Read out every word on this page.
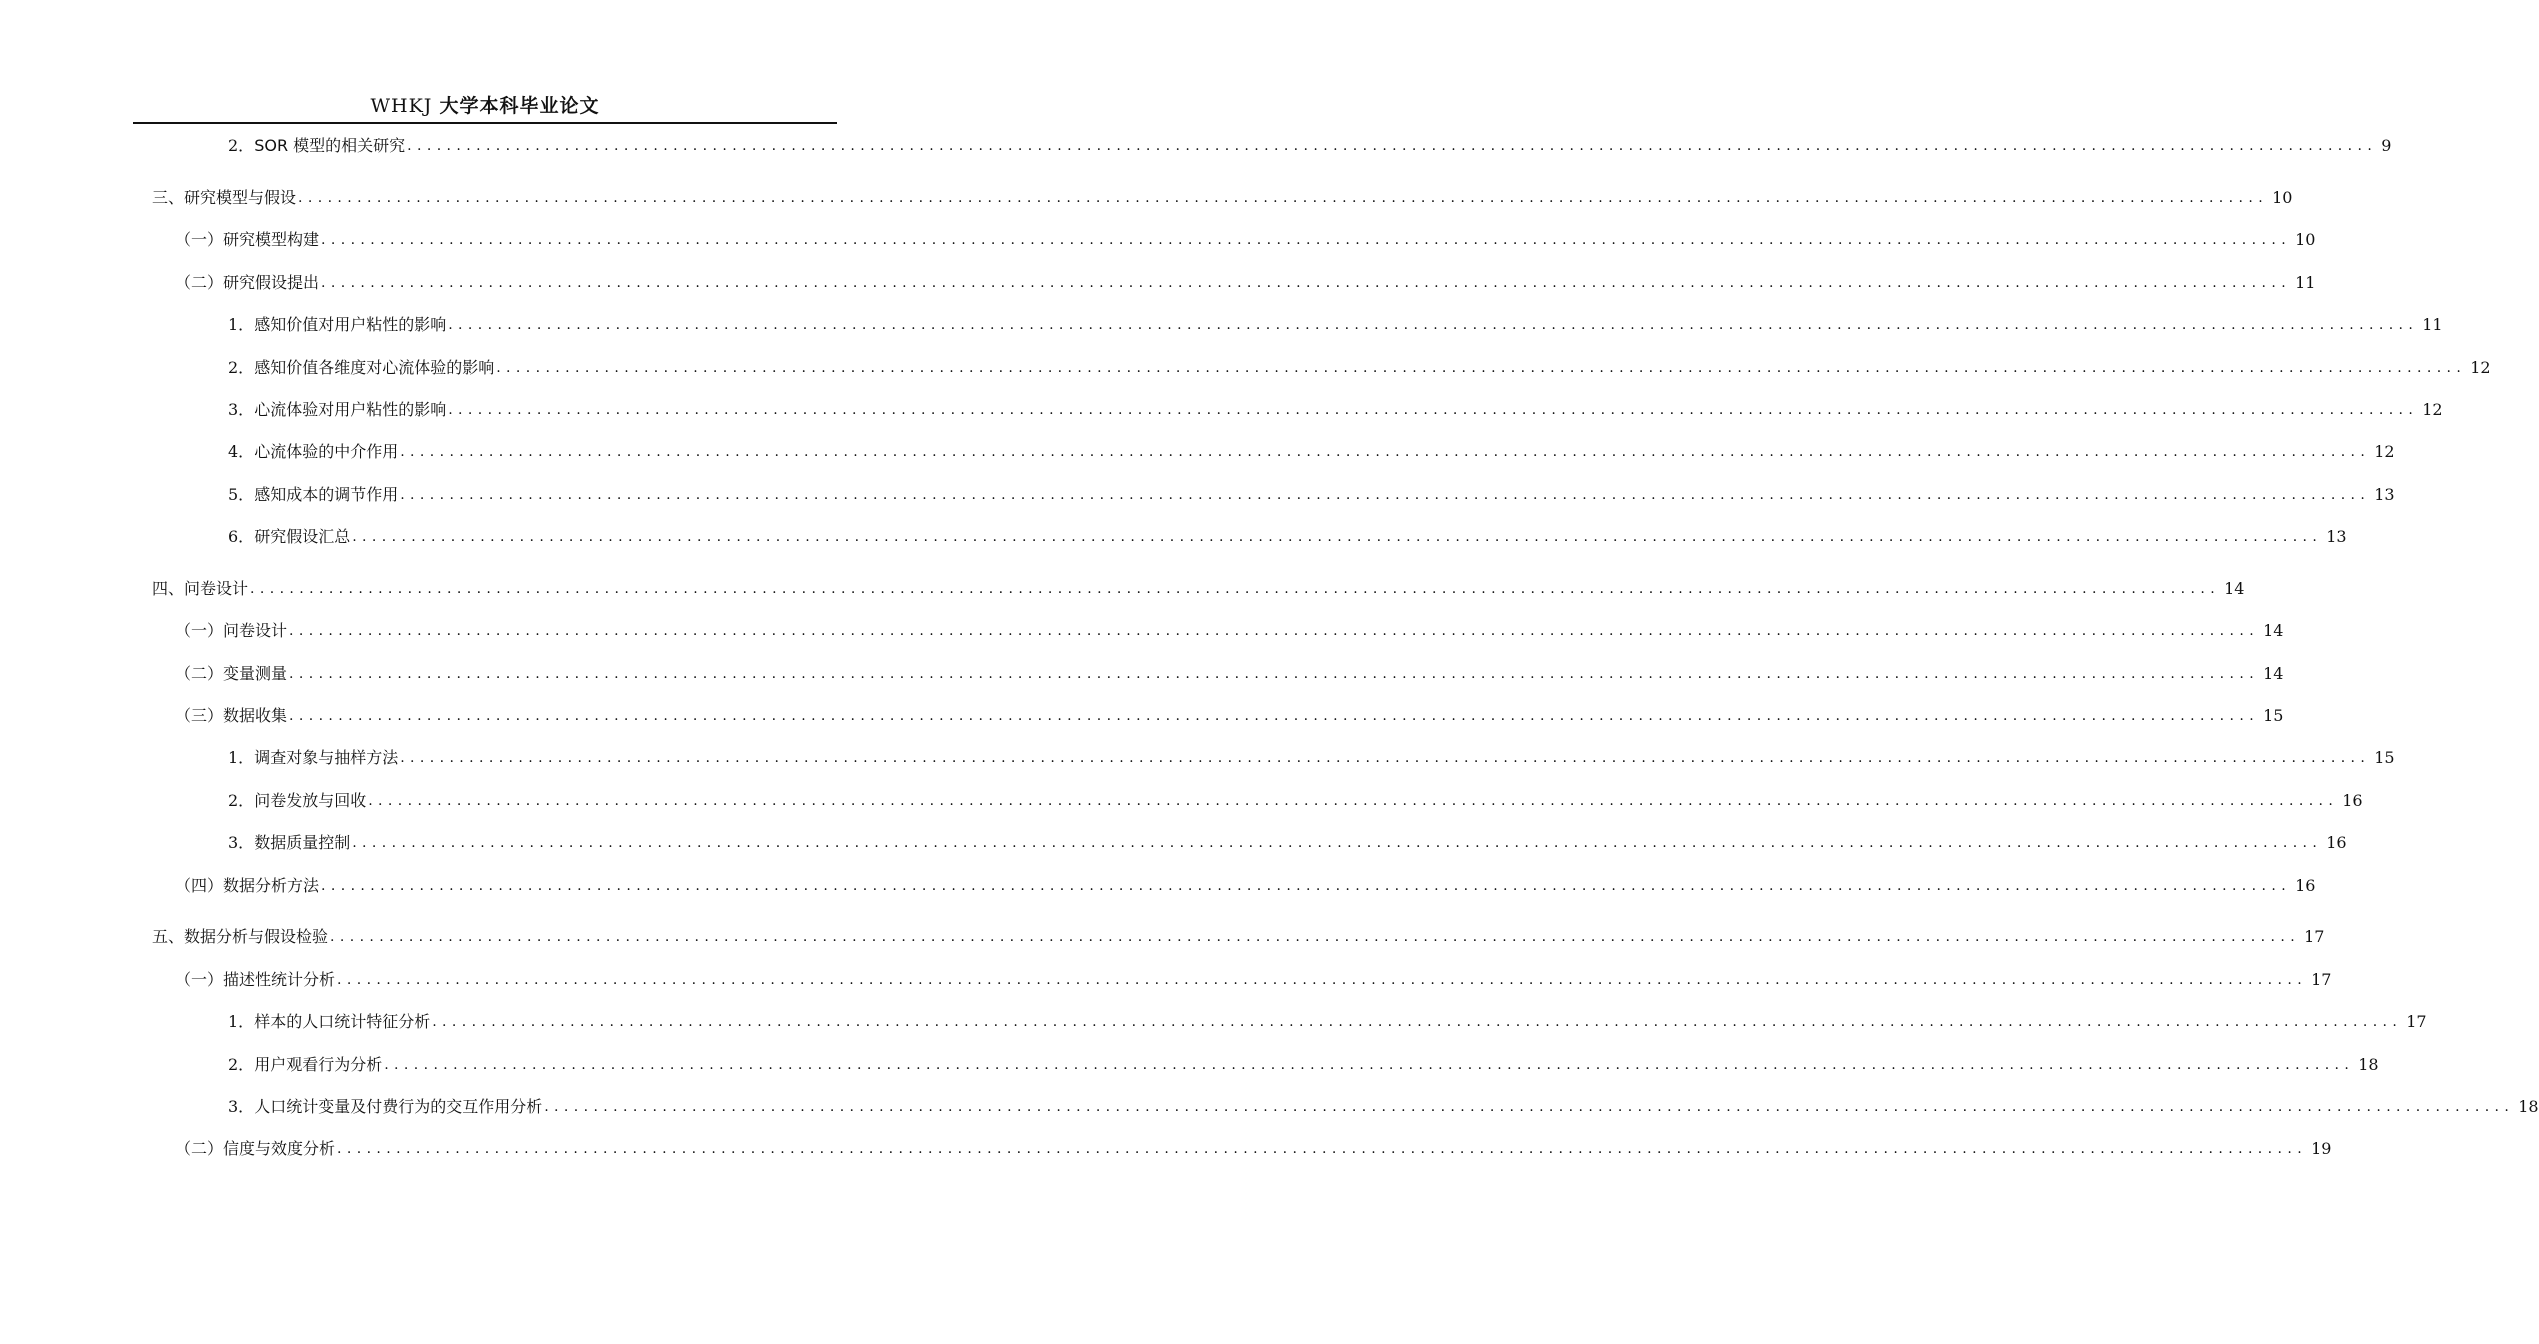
WHKJ 大学本科毕业论文
2． SOR 模型的相关研究 ........................................................................................................................................................................................................ 9
三、研究模型与假设 ........................................................................................................................................................................................................ 10
（一）研究模型构建 ........................................................................................................................................................................................................ 10
（二）研究假设提出 ........................................................................................................................................................................................................ 11
1． 感知价值对用户粘性的影响 ........................................................................................................................................................................................................ 11
2． 感知价值各维度对心流体验的影响 ........................................................................................................................................................................................................ 12
3． 心流体验对用户粘性的影响 ........................................................................................................................................................................................................ 12
4． 心流体验的中介作用 ........................................................................................................................................................................................................ 12
5． 感知成本的调节作用 ........................................................................................................................................................................................................ 13
6． 研究假设汇总 ........................................................................................................................................................................................................ 13
四、问卷设计 ........................................................................................................................................................................................................ 14
（一）问卷设计 ........................................................................................................................................................................................................ 14
（二）变量测量 ........................................................................................................................................................................................................ 14
（三）数据收集 ........................................................................................................................................................................................................ 15
1． 调查对象与抽样方法 ........................................................................................................................................................................................................ 15
2． 问卷发放与回收 ........................................................................................................................................................................................................ 16
3． 数据质量控制 ........................................................................................................................................................................................................ 16
（四）数据分析方法 ........................................................................................................................................................................................................ 16
五、数据分析与假设检验 ........................................................................................................................................................................................................ 17
（一）描述性统计分析 ........................................................................................................................................................................................................ 17
1． 样本的人口统计特征分析 ........................................................................................................................................................................................................ 17
2． 用户观看行为分析 ........................................................................................................................................................................................................ 18
3． 人口统计变量及付费行为的交互作用分析 ........................................................................................................................................................................................................ 18
（二）信度与效度分析 ........................................................................................................................................................................................................ 19
